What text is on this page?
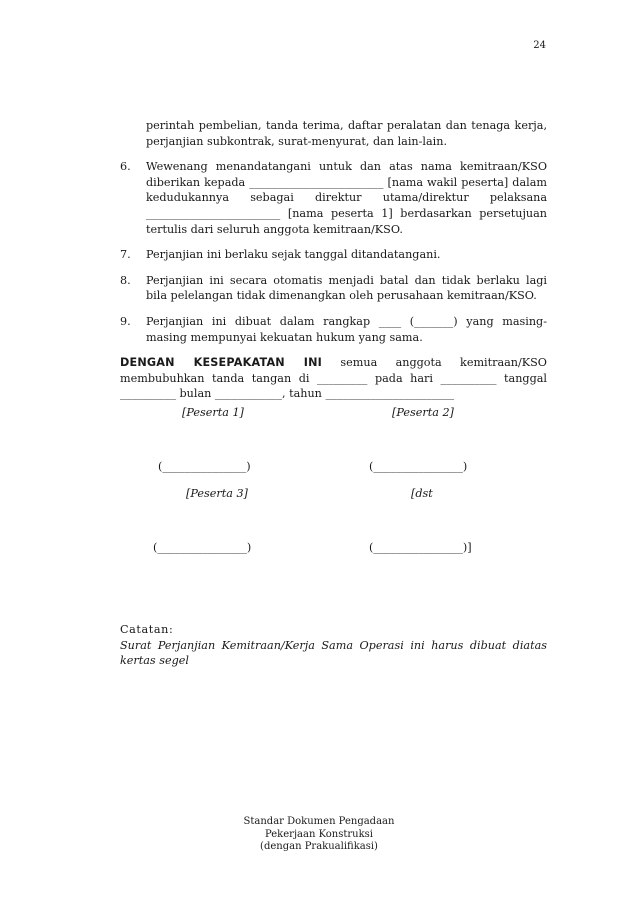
24
perintah pembelian, tanda terima, daftar peralatan dan tenaga kerja, perjanjian subkontrak, surat-menyurat, dan lain-lain.
6. Wewenang menandatangani untuk dan atas nama kemitraan/KSO diberikan kepada ________________________ [nama wakil peserta] dalam kedudukannya sebagai direktur utama/direktur pelaksana ________________________ [nama peserta 1] berdasarkan persetujuan tertulis dari seluruh anggota kemitraan/KSO.
7. Perjanjian ini berlaku sejak tanggal ditandatangani.
8. Perjanjian ini secara otomatis menjadi batal dan tidak berlaku lagi bila pelelangan tidak dimenangkan oleh perusahaan kemitraan/KSO.
9. Perjanjian ini dibuat dalam rangkap ____ (_______) yang masing-masing mempunyai kekuatan hukum yang sama.
DENGAN KESEPAKATAN INI semua anggota kemitraan/KSO membubuhkan tanda tangan di _________ pada hari __________ tanggal __________ bulan ____________, tahun _______________________
[Peserta 1]	[Peserta 2]
(_______________)	(________________)
[Peserta 3]	[dst
(________________)	(________________)]
Catatan:
Surat Perjanjian Kemitraan/Kerja Sama Operasi ini harus dibuat diatas kertas segel
Standar Dokumen Pengadaan
Pekerjaan Konstruksi
(dengan Prakualifikasi)
